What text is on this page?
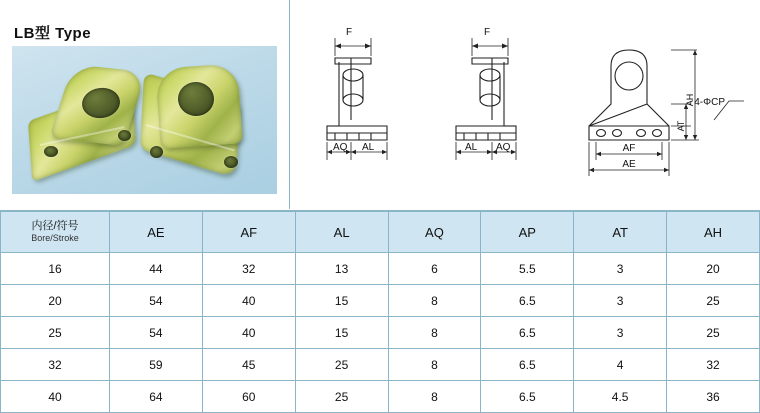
LB型 Type	F
AQ AL
F
AL AQ
4-ΦCP
AT
AH
AF
AE
内径/符号
Bore/Stroke	AE	AF	AL	AQ	AP	AT	AH
16	44	32	13	6	5.5	3	20
20	54	40	15	8	6.5	3	25
25	54	40	15	8	6.5	3	25
32	59	45	25	8	6.5	4	32
40	64	60	25	8	6.5	4.5	36
